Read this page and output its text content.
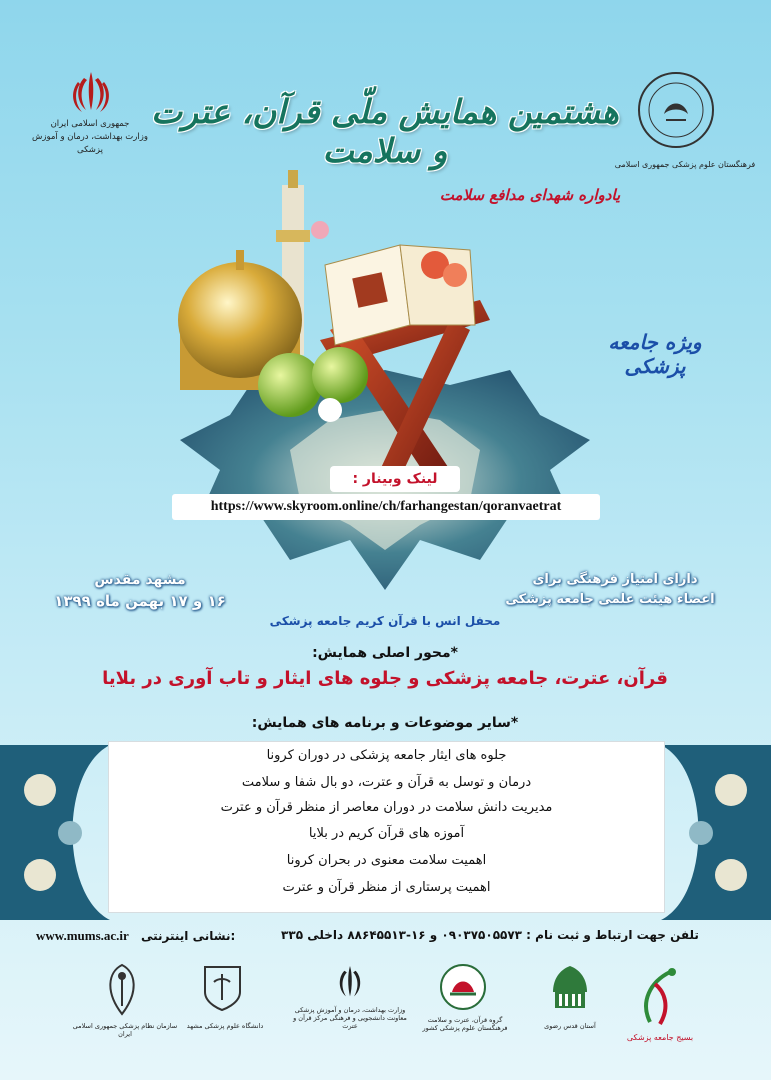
جمهوری اسلامی ایران
وزارت بهداشت، درمان و آموزش پزشکی
فرهنگستان علوم پزشکی جمهوری اسلامی
هشتمین همایش ملّی قرآن، عترت و سلامت
یادواره شهدای مدافع سلامت
ویژه جامعه پزشکی
لینک وبینار :
https://www.skyroom.online/ch/farhangestan/qoranvaetrat
مشهد مقدس
۱۶ و ۱۷ بهمن ماه ۱۳۹۹
دارای امتیاز فرهنگی برای
اعضاء هیئت علمی جامعه پزشکی
محفل انس با قرآن کریم جامعه پزشکی
*محور اصلی همایش:
قرآن، عترت، جامعه پزشکی و جلوه های ایثار و تاب آوری در بلایا
*سایر موضوعات و برنامه های همایش:
جلوه های ایثار جامعه پزشکی در دوران کرونا
درمان و توسل به قرآن و عترت، دو بال شفا و سلامت
مدیریت دانش سلامت در دوران معاصر از منظر قرآن و عترت
آموزه های قرآن کریم در بلایا
اهمیت سلامت معنوی در بحران کرونا
اهمیت پرستاری از منظر قرآن و عترت
تلفن جهت ارتباط و ثبت نام : ۰۹۰۳۷۵۰۵۵۷۳ و ۱۶-۸۸۶۴۵۵۱۳ داخلی ۳۳۵
www.mums.ac.ir نشانی اینترنتی:
سازمان نظام پزشکی جمهوری اسلامی ایران
دانشگاه علوم پزشکی مشهد
وزارت بهداشت، درمان و آموزش پزشکی معاونت دانشجویی و فرهنگی مرکز قرآن و عترت
گروه قرآن، عترت و سلامت فرهنگستان علوم پزشکی کشور	آستان قدس رضوی
بسیج جامعه پزشکی
